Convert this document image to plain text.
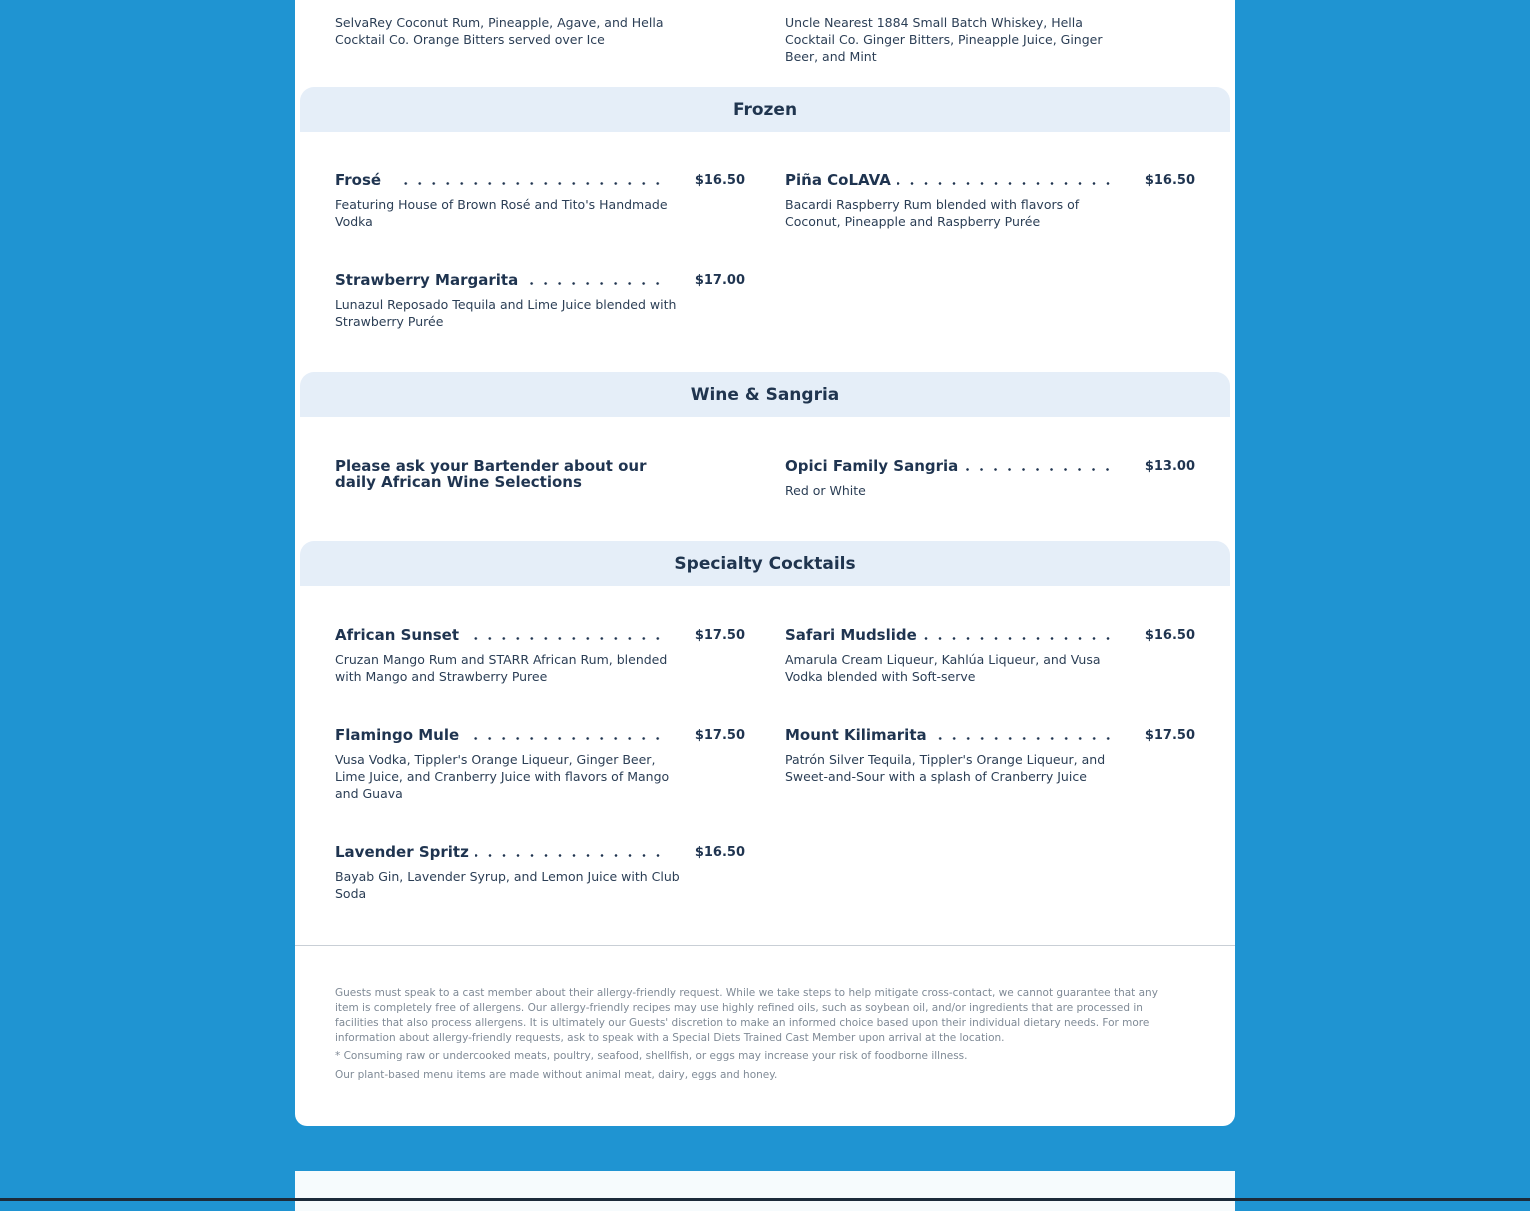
SelvaRey Coconut Rum, Pineapple, Agave, and Hella Cocktail Co. Orange Bitters served over Ice
Uncle Nearest 1884 Small Batch Whiskey, Hella Cocktail Co. Ginger Bitters, Pineapple Juice, Ginger Beer, and Mint
Frozen
Frosé	$16.50
Featuring House of Brown Rosé and Tito's Handmade Vodka
Piña CoLAVA	$16.50
Bacardi Raspberry Rum blended with flavors of Coconut, Pineapple and Raspberry Purée
Strawberry Margarita	$17.00
Lunazul Reposado Tequila and Lime Juice blended with Strawberry Purée
Wine & Sangria
Please ask your Bartender about our daily African Wine Selections
Opici Family Sangria	$13.00
Red or White
Specialty Cocktails
African Sunset	$17.50
Cruzan Mango Rum and STARR African Rum, blended with Mango and Strawberry Puree
Safari Mudslide	$16.50
Amarula Cream Liqueur, Kahlúa Liqueur, and Vusa Vodka blended with Soft-serve
Flamingo Mule	$17.50
Vusa Vodka, Tippler's Orange Liqueur, Ginger Beer, Lime Juice, and Cranberry Juice with flavors of Mango and Guava
Mount Kilimarita	$17.50
Patrón Silver Tequila, Tippler's Orange Liqueur, and Sweet-and-Sour with a splash of Cranberry Juice
Lavender Spritz	$16.50
Bayab Gin, Lavender Syrup, and Lemon Juice with Club Soda
Guests must speak to a cast member about their allergy-friendly request. While we take steps to help mitigate cross-contact, we cannot guarantee that any item is completely free of allergens. Our allergy-friendly recipes may use highly refined oils, such as soybean oil, and/or ingredients that are processed in facilities that also process allergens. It is ultimately our Guests' discretion to make an informed choice based upon their individual dietary needs. For more information about allergy-friendly requests, ask to speak with a Special Diets Trained Cast Member upon arrival at the location.
* Consuming raw or undercooked meats, poultry, seafood, shellfish, or eggs may increase your risk of foodborne illness.
Our plant-based menu items are made without animal meat, dairy, eggs and honey.
